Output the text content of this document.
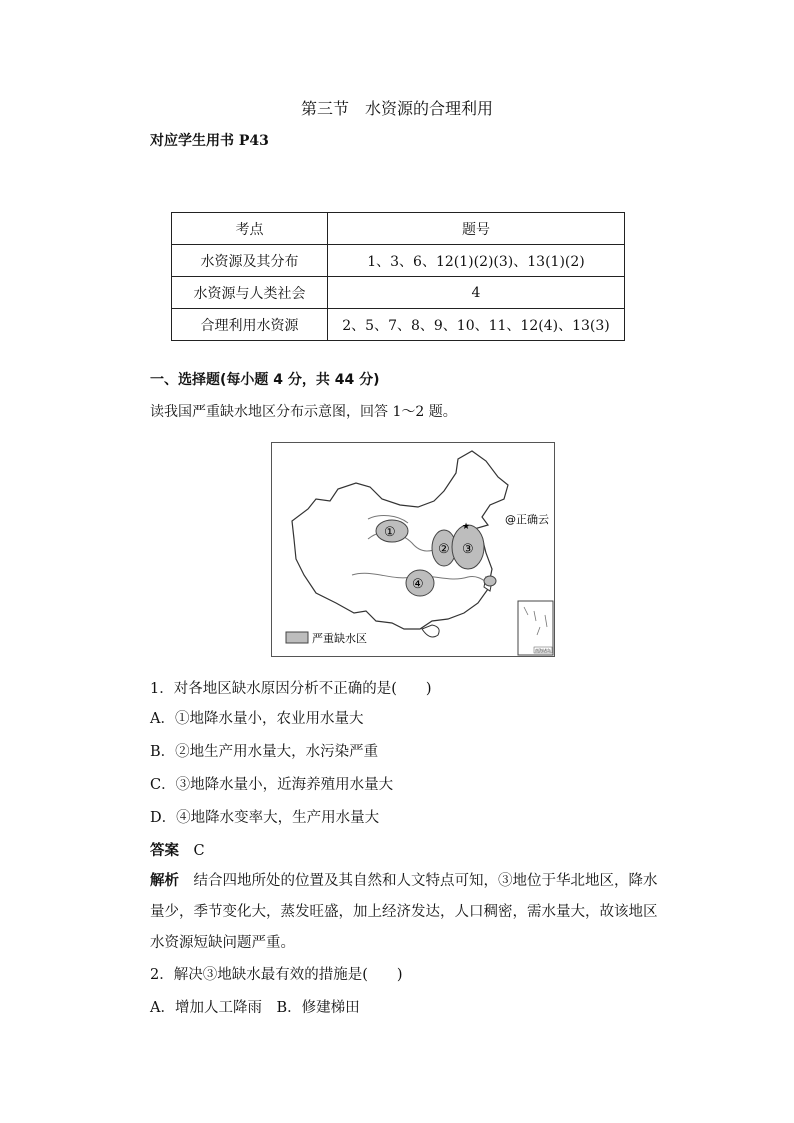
第三节　水资源的合理利用
对应学生用书 P43
考点	题号
水资源及其分布	1、3、6、12(1)(2)(3)、13(1)(2)
水资源与人类社会	4
合理利用水资源	2、5、7、8、9、10、11、12(4)、13(3)
一、选择题(每小题 4 分，共 44 分)
读我国严重缺水地区分布示意图，回答 1～2 题。
★
①
② ③
④
@正确云
南海诸岛
严重缺水区
1．对各地区缺水原因分析不正确的是(　　)
A．①地降水量小，农业用水量大
B．②地生产用水量大，水污染严重
C．③地降水量小，近海养殖用水量大
D．④地降水变率大，生产用水量大
答案　 C
解析　 结合四地所处的位置及其自然和人文特点可知，③地位于华北地区，降水量少，季节变化大，蒸发旺盛，加上经济发达，人口稠密，需水量大，故该地区水资源短缺问题严重。
2．解决③地缺水最有效的措施是(　　)
A．增加人工降雨　B．修建梯田
